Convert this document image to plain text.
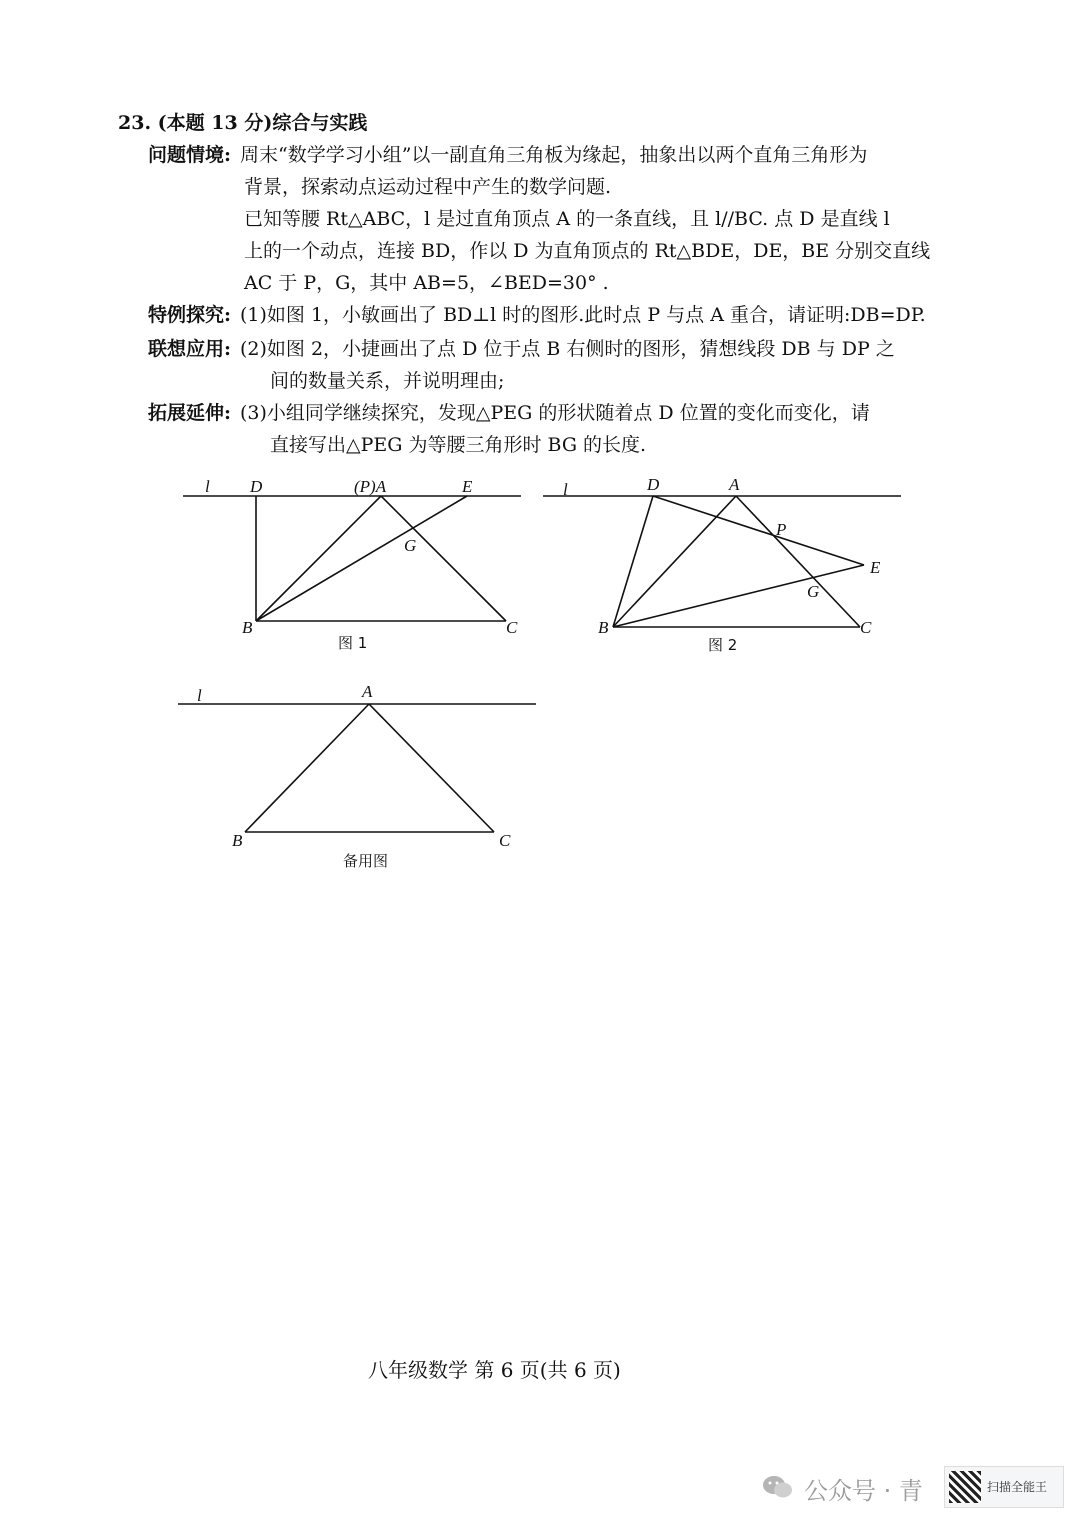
23. (本题 13 分)综合与实践
问题情境: 周末“数学学习小组”以一副直角三角板为缘起，抽象出以两个直角三角形为
背景，探索动点运动过程中产生的数学问题.
已知等腰 Rt△ABC，l 是过直角顶点 A 的一条直线，且 l//BC. 点 D 是直线 l
上的一个动点，连接 BD，作以 D 为直角顶点的 Rt△BDE，DE，BE 分别交直线
AC 于 P，G，其中 AB=5，∠BED=30° .
特例探究: (1)如图 1，小敏画出了 BD⊥l 时的图形.此时点 P 与点 A 重合，请证明:DB=DP.
联想应用: (2)如图 2，小捷画出了点 D 位于点 B 右侧时的图形，猜想线段 DB 与 DP 之
间的数量关系，并说明理由;
拓展延伸: (3)小组同学继续探究，发现△PEG 的形状随着点 D 位置的变化而变化，请
直接写出△PEG 为等腰三角形时 BG 的长度.
l D	(P)A	E
G
B	C
图 1
l	D	A
P
E
G
B	C
图 2
l	A
B	C
备用图
八年级数学 第 6 页(共 6 页)
公众号 · 青	扫描全能王
